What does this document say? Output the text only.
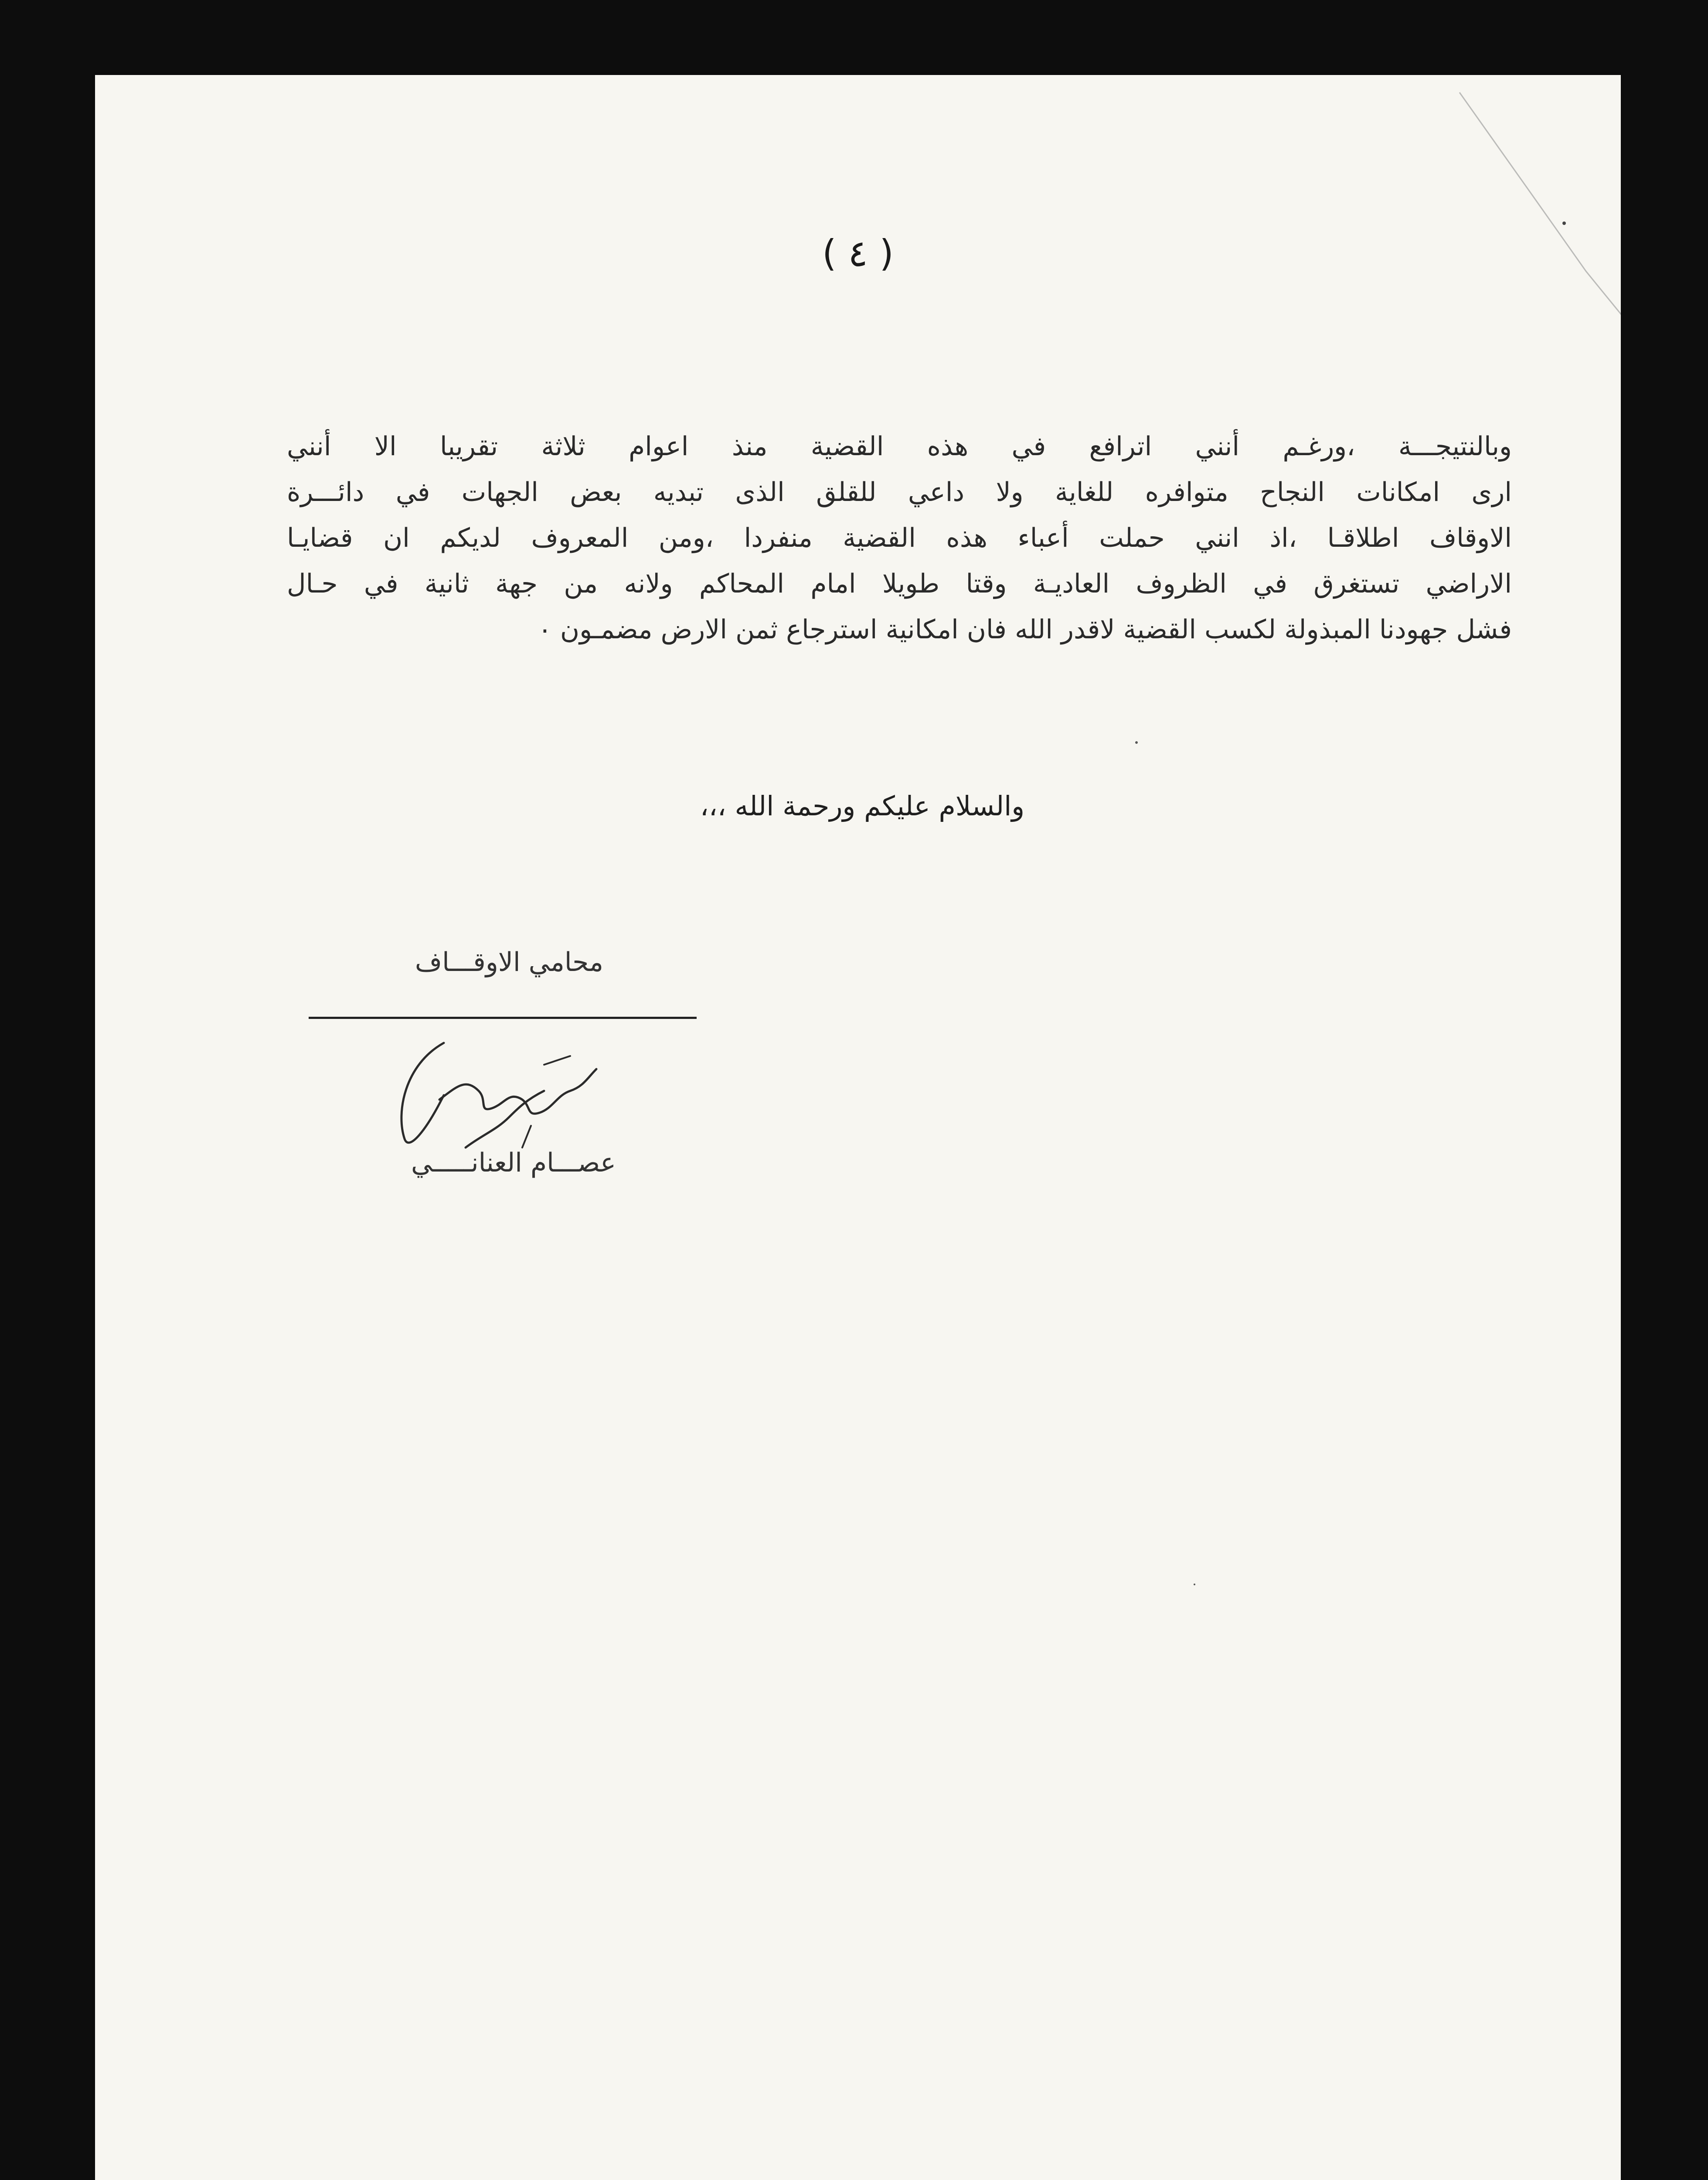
( ٤ )
وبالنتيجـــة ،ورغـم أنني اترافع في هذه القضية منذ اعوام ثلاثة تقريبا الا أنني
ارى امكانات النجاح متوافره للغاية ولا داعي للقلق الذى تبديه بعض الجهات في دائـــرة
الاوقاف اطلاقـا ،اذ انني حملت أعباء هذه القضية منفردا ،ومن المعروف لديكم ان قضايـا
الاراضي تستغرق في الظروف العاديـة وقتا طويلا امام المحاكم ولانه من جهة ثانية في حـال
فشل جهودنا المبذولة لكسب القضية لاقدر الله فان امكانية استرجاع ثمن الارض مضمـون ٠
والسلام عليكم ورحمة الله ،،،
محامي الاوقـــاف
عصـــام العنانـــــي
